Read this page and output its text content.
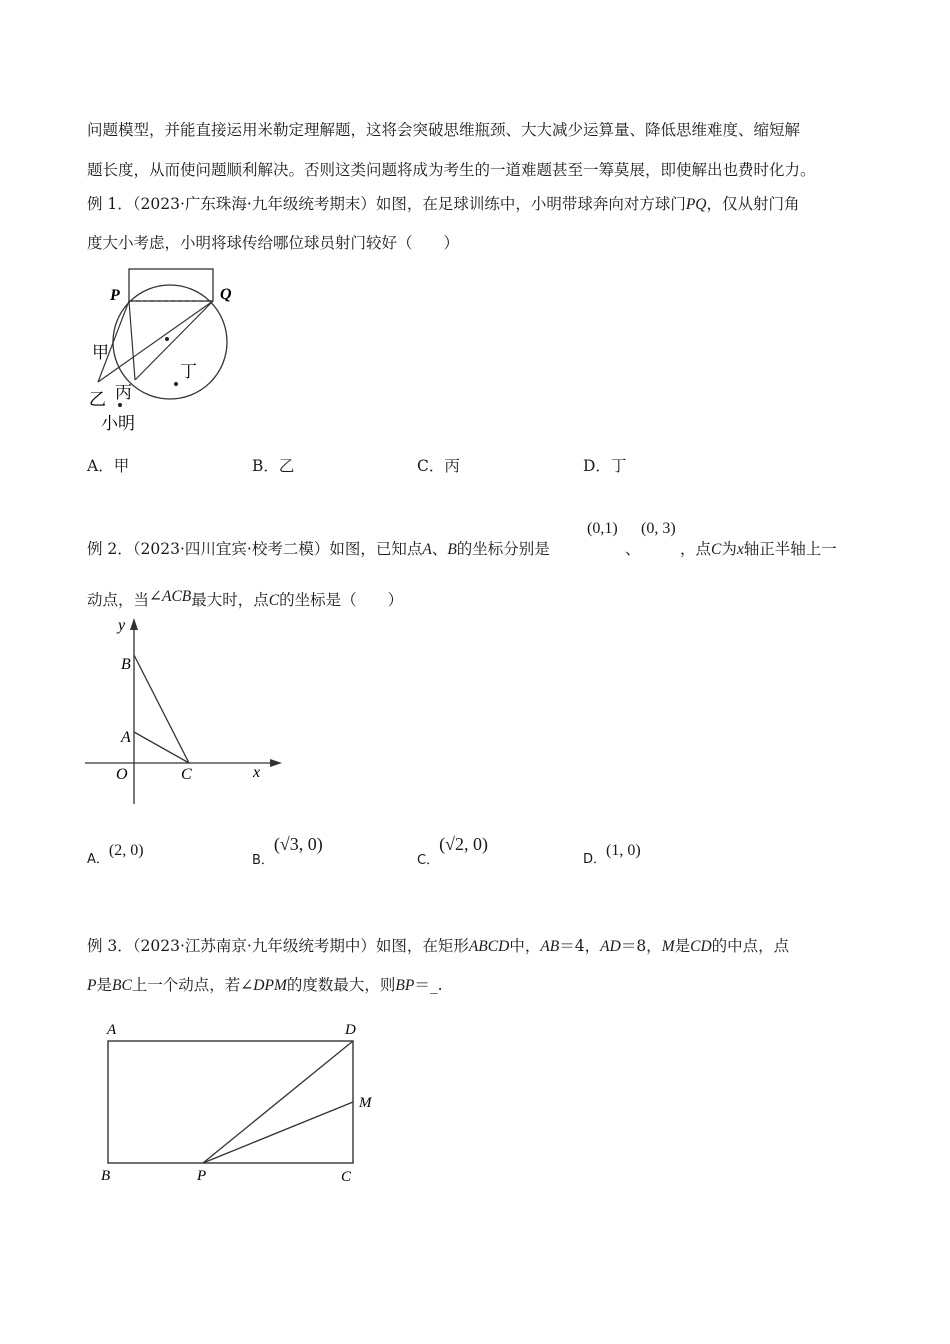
问题模型，并能直接运用米勒定理解题，这将会突破思维瓶颈、大大减少运算量、降低思维难度、缩短解
题长度，从而使问题顺利解决。否则这类问题将成为考生的一道难题甚至一筹莫展，即使解出也费时化力。
例 1．（2023·广东珠海·九年级统考期末）如图，在足球训练中，小明带球奔向对方球门PQ，仅从射门角
度大小考虑，小明将球传给哪位球员射门较好（　　）
P	Q
甲
丁
丙
乙
小明
A．甲	B．乙	C．丙	D．丁
例 2．（2023·四川宜宾·校考二模）如图，已知点A、B的坐标分别是
(0,1)
、
(0, 3)
，点C为x轴正半轴上一
动点，当∠ACB最大时，点C的坐标是（　　）
y
B
A
O	C	x
$_{A.}$(2, 0)
$_{B.}$(√3, 0)
$_{C.}$(√2, 0)
$_{D.}$(1, 0)
例 3．（2023·江苏南京·九年级统考期中）如图，在矩形ABCD中，AB＝4，AD＝8，M是CD的中点，点
P是BC上一个动点，若∠DPM的度数最大，则BP＝_.
A	D
M
B	P	C
